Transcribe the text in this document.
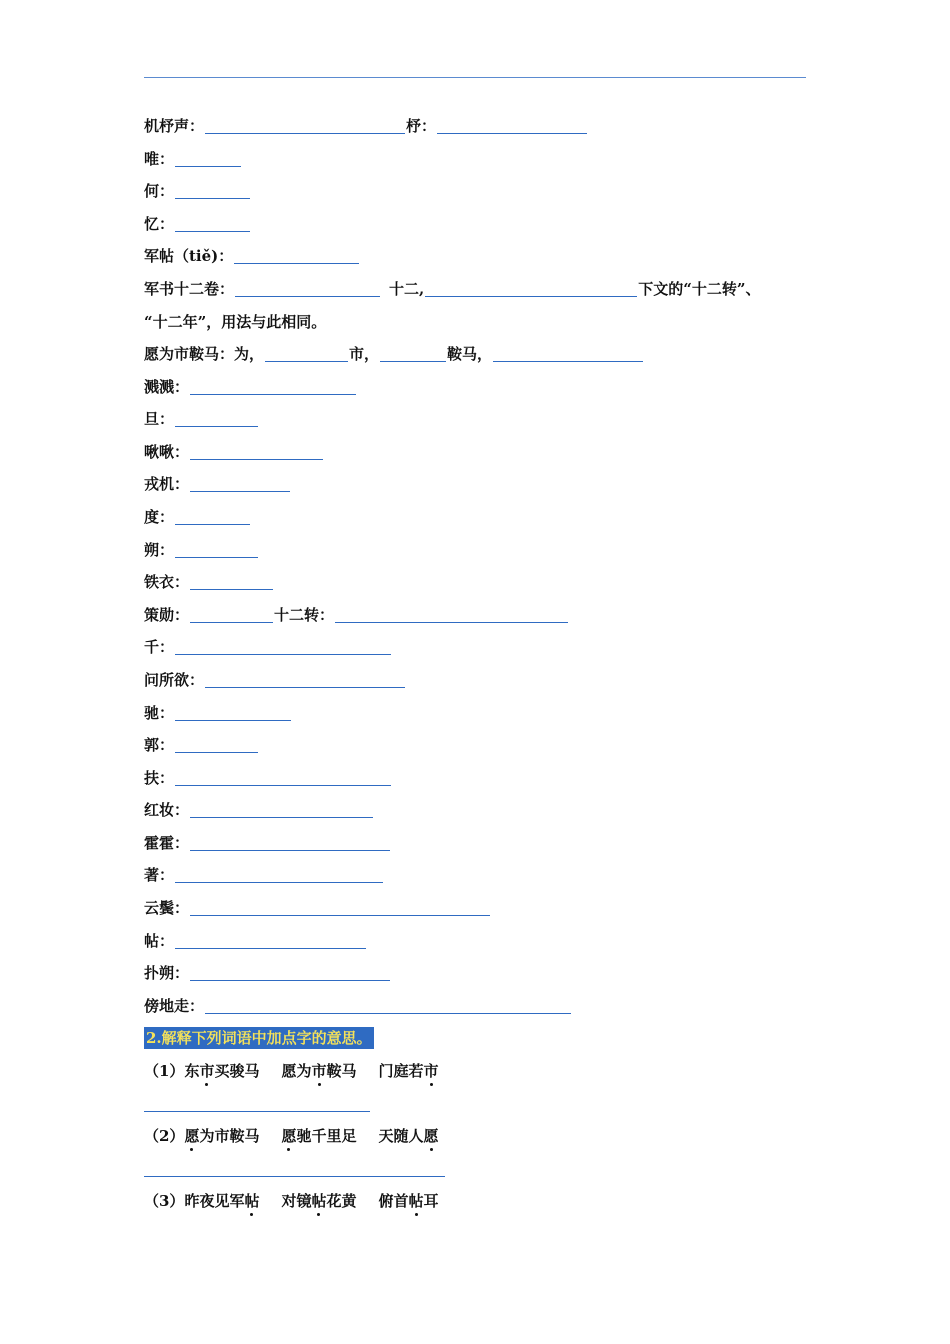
机杼声：	杼：
唯：
何：
忆：
军帖（tiě)：
军书十二卷：	十二,	下文的“十二转”、
“十二年”，用法与此相同。
愿为市鞍马：为，	市，	鞍马，
溅溅：
旦：
啾啾：
戎机：
度：
朔：
铁衣：
策勋：	十二转：
千：
问所欲：
驰：
郭：
扶：
红妆：
霍霍：
著：
云鬓：
帖：
扑朔：
傍地走：
2.解释下列词语中加点字的意思。
（1）东市买骏马 愿为市鞍马 门庭若市
（2）愿为市鞍马 愿驰千里足 天随人愿
（3）昨夜见军帖 对镜帖花黄 俯首帖耳
